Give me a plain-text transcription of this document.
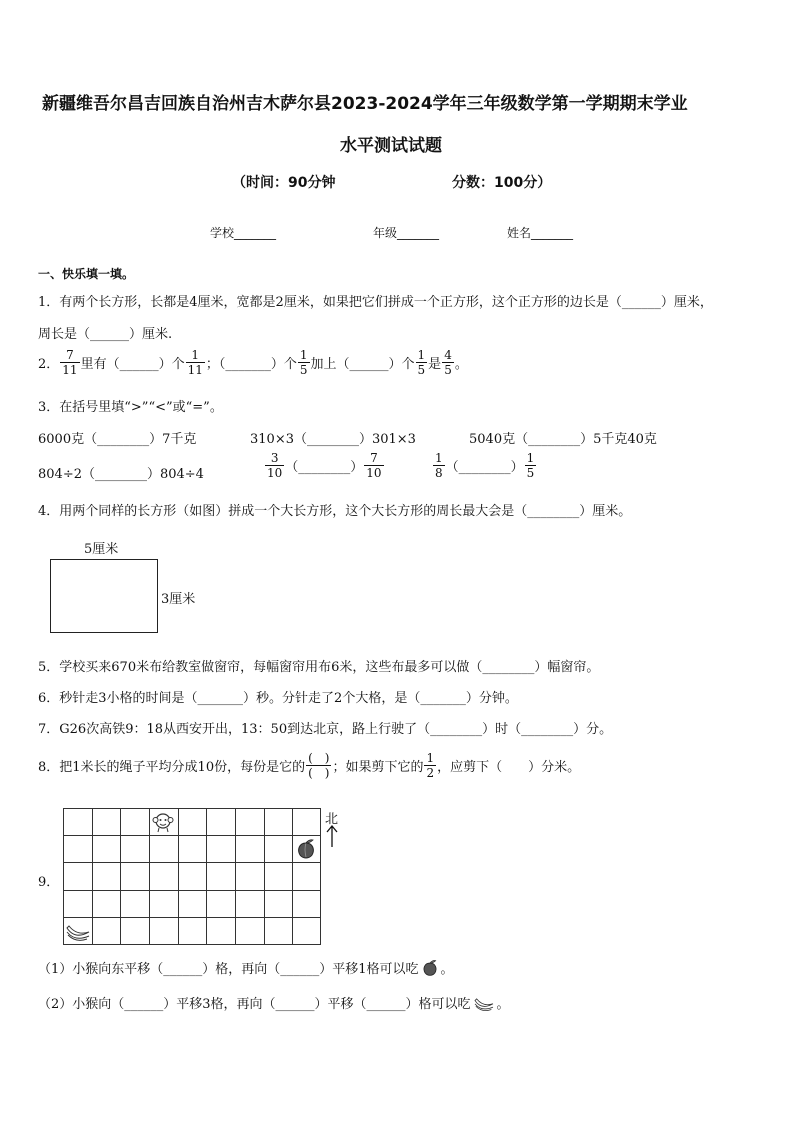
新疆维吾尔昌吉回族自治州吉木萨尔县2023-2024学年三年级数学第一学期期末学业
水平测试试题
（时间：90分钟	分数：100分）
学校_______	年级_______	姓名_______
一、快乐填一填。
1．有两个长方形，长都是4厘米，宽都是2厘米，如果把它们拼成一个正方形，这个正方形的边长是（______）厘米，
周长是（______）厘米.
2． $\frac{7}{11}$ 里有（______）个 $\frac{1}{11}$ ；（_______）个 $\frac{1}{5}$ 加上（______）个 $\frac{1}{5}$ 是 $\frac{4}{5}$ 。
3．在括号里填“>”“<”或“=”。
6000克（________）7千克	310×3（________）301×3	5040克（________）5千克40克
804÷2（________）804÷4	$\frac{3}{10}$ （________） $\frac{7}{10}$	$\frac{1}{8}$ （________） $\frac{1}{5}$
4．用两个同样的长方形（如图）拼成一个大长方形，这个大长方形的周长最大会是（________）厘米。
5厘米
3厘米
5．学校买来670米布给教室做窗帘，每幅窗帘用布6米，这些布最多可以做（________）幅窗帘。
6．秒针走3小格的时间是（_______）秒。分针走了2个大格，是（_______）分钟。
7．G26次高铁9：18从西安开出，13：50到达北京，路上行驶了（________）时（________）分。
8．把1米长的绳子平均分成10份，每份是它的 $\frac{( )}{( )}$ ；如果剪下它的 $\frac{1}{2}$ ，应剪下（　　）分米。
9．
北
（1）小猴向东平移（______）格，再向（______）平移1格可以吃 。
（2）小猴向（______）平移3格，再向（______）平移（______）格可以吃 。
